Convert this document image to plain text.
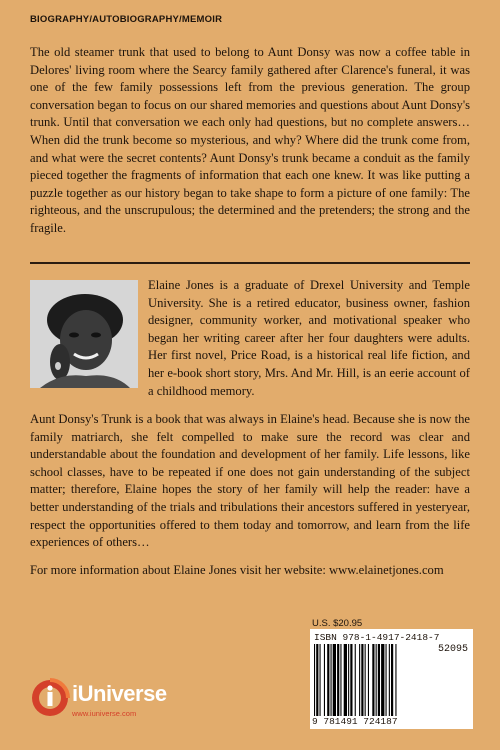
BIOGRAPHY/AUTOBIOGRAPHY/MEMOIR

The old steamer trunk that used to belong to Aunt Donsy was now a coffee table in Delores' living room where the Searcy family gathered after Clarence's funeral, it was one of the few family possessions left from the previous generation. The group conversation began to focus on our shared memories and questions about Aunt Donsy's trunk. Until that conversation we each only had questions, but no complete answers… When did the trunk become so mysterious, and why? Where did the trunk come from, and what were the secret contents? Aunt Donsy's trunk became a conduit as the family pieced together the fragments of information that each one knew. It was like putting a puzzle together as our history began to take shape to form a picture of one family: The righteous, and the unscrupulous; the determined and the pretenders; the strong and the fragile.

Elaine Jones is a graduate of Drexel University and Temple University. She is a retired educator, business owner, fashion designer, community worker, and motivational speaker who began her writing career after her four daughters were adults. Her first novel, Price Road, is a historical real life fiction, and her e-book short story, Mrs. And Mr. Hill, is an eerie account of a childhood memory.

Aunt Donsy's Trunk is a book that was always in Elaine's head. Because she is now the family matriarch, she felt compelled to make sure the record was clear and understandable about the foundation and development of her family. Life lessons, like school classes, have to be repeated if one does not gain understanding of the subject matter; therefore, Elaine hopes the story of her family will help the reader: have a better understanding of the trials and tribulations their ancestors suffered in yesteryear, respect the opportunities offered to them today and tomorrow, and learn from the life experiences of others…

For more information about Elaine Jones visit her website: www.elainetjones.com

U.S. $20.95
ISBN 978-1-4917-2418-7
52095
9 781491 724187
iUniverse
www.iuniverse.com
